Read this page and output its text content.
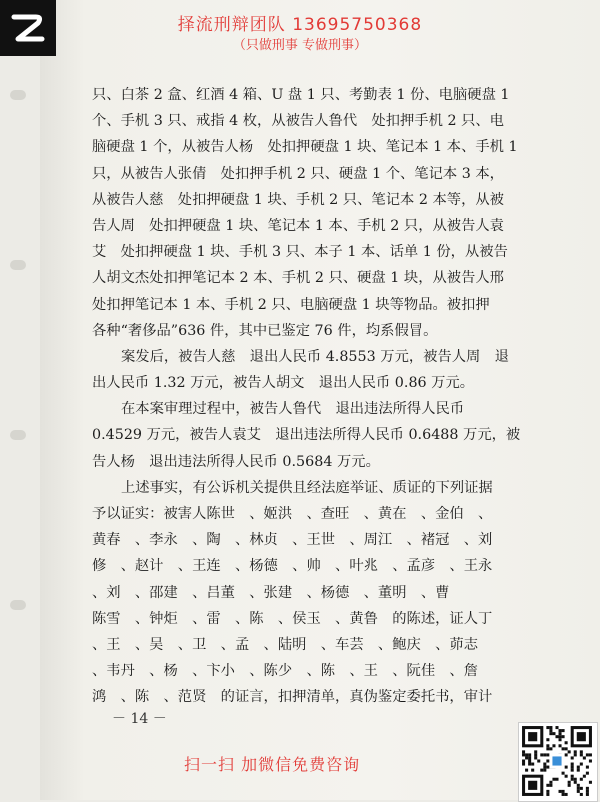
择流刑辩团队 13695750368
（只做刑事 专做刑事）
只、白茶 2 盒、红酒 4 箱、U 盘 1 只、考勤表 1 份、电脑硬盘 1
个、手机 3 只、戒指 4 枚，从被告人鲁代　处扣押手机 2 只、电
脑硬盘 1 个，从被告人杨　处扣押硬盘 1 块、笔记本 1 本、手机 1
只，从被告人张倩　处扣押手机 2 只、硬盘 1 个、笔记本 3 本，
从被告人慈　处扣押硬盘 1 块、手机 2 只、笔记本 2 本等，从被
告人周　处扣押硬盘 1 块、笔记本 1 本、手机 2 只，从被告人袁
艾　处扣押硬盘 1 块、手机 3 只、本子 1 本、话单 1 份，从被告
人胡文杰处扣押笔记本 2 本、手机 2 只、硬盘 1 块，从被告人邢
处扣押笔记本 1 本、手机 2 只、电脑硬盘 1 块等物品。被扣押
各种“奢侈品”636 件，其中已鉴定 76 件，均系假冒。
案发后，被告人慈　退出人民币 4.8553 万元，被告人周　退
出人民币 1.32 万元，被告人胡文　退出人民币 0.86 万元。
在本案审理过程中，被告人鲁代　退出违法所得人民币
0.4529 万元，被告人袁艾　退出违法所得人民币 0.6488 万元，被
告人杨　退出违法所得人民币 0.5684 万元。
上述事实，有公诉机关提供且经法庭举证、质证的下列证据
予以证实：被害人陈世　、姬洪　、查旺　、黄在　、金伯　、
黄春　、李永　、陶　、林贞　、王世　、周江　、褚冠　、刘
修　、赵计　、王连　、杨德　、帅　、叶兆　、孟彦　、王永
、刘　、邵建　、吕董　、张建　、杨德　、董明　、曹
陈雪　、钟炬　、雷　、陈　、侯玉　、黄鲁　的陈述，证人丁
、王　、吴　、卫　、孟　、陆明　、车芸　、鲍庆　、茆志
、韦丹　、杨　、卞小　、陈少　、陈　、王　、阮佳　、詹
鸿　、陈　、范贤　的证言，扣押清单，真伪鉴定委托书，审计
－ 14 －
扫一扫 加微信免费咨询
